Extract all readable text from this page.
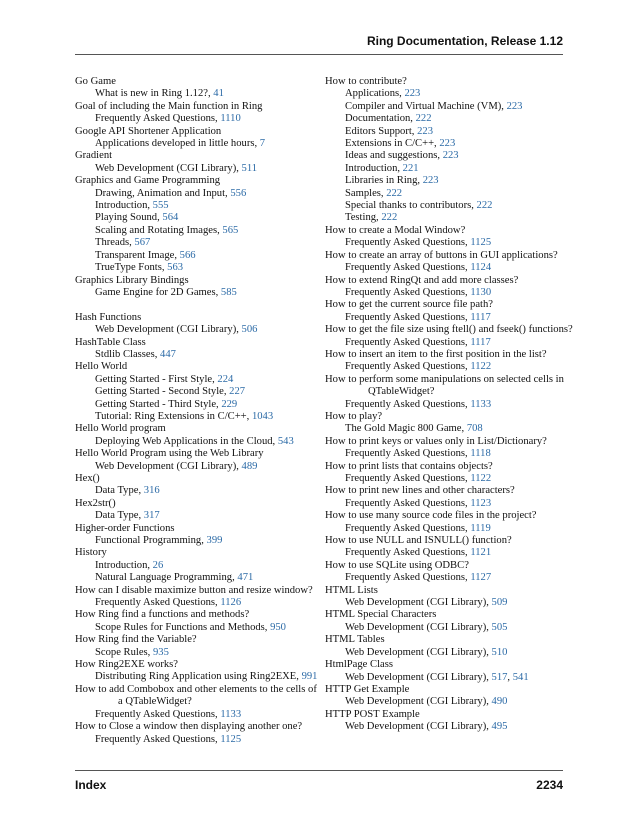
Ring Documentation, Release 1.12
Go Game
What is new in Ring 1.12?, 41
Goal of including the Main function in Ring
Frequently Asked Questions, 1110
Google API Shortener Application
Applications developed in little hours, 7
Gradient
Web Development (CGI Library), 511
Graphics and Game Programming
Drawing, Animation and Input, 556
Introduction, 555
Playing Sound, 564
Scaling and Rotating Images, 565
Threads, 567
Transparent Image, 566
TrueType Fonts, 563
Graphics Library Bindings
Game Engine for 2D Games, 585
Hash Functions
Web Development (CGI Library), 506
HashTable Class
Stdlib Classes, 447
Hello World
Getting Started - First Style, 224
Getting Started - Second Style, 227
Getting Started - Third Style, 229
Tutorial: Ring Extensions in C/C++, 1043
Hello World program
Deploying Web Applications in the Cloud, 543
Hello World Program using the Web Library
Web Development (CGI Library), 489
Hex()
Data Type, 316
Hex2str()
Data Type, 317
Higher-order Functions
Functional Programming, 399
History
Introduction, 26
Natural Language Programming, 471
How can I disable maximize button and resize window?
Frequently Asked Questions, 1126
How Ring find a functions and methods?
Scope Rules for Functions and Methods, 950
How Ring find the Variable?
Scope Rules, 935
How Ring2EXE works?
Distributing Ring Application using Ring2EXE, 991
How to add Combobox and other elements to the cells of
a QTableWidget?
Frequently Asked Questions, 1133
How to Close a window then displaying another one?
Frequently Asked Questions, 1125
How to contribute?
Applications, 223
Compiler and Virtual Machine (VM), 223
Documentation, 222
Editors Support, 223
Extensions in C/C++, 223
Ideas and suggestions, 223
Introduction, 221
Libraries in Ring, 223
Samples, 222
Special thanks to contributors, 222
Testing, 222
How to create a Modal Window?
Frequently Asked Questions, 1125
How to create an array of buttons in GUI applications?
Frequently Asked Questions, 1124
How to extend RingQt and add more classes?
Frequently Asked Questions, 1130
How to get the current source file path?
Frequently Asked Questions, 1117
How to get the file size using ftell() and fseek() functions?
Frequently Asked Questions, 1117
How to insert an item to the first position in the list?
Frequently Asked Questions, 1122
How to perform some manipulations on selected cells in
QTableWidget?
Frequently Asked Questions, 1133
How to play?
The Gold Magic 800 Game, 708
How to print keys or values only in List/Dictionary?
Frequently Asked Questions, 1118
How to print lists that contains objects?
Frequently Asked Questions, 1122
How to print new lines and other characters?
Frequently Asked Questions, 1123
How to use many source code files in the project?
Frequently Asked Questions, 1119
How to use NULL and ISNULL() function?
Frequently Asked Questions, 1121
How to use SQLite using ODBC?
Frequently Asked Questions, 1127
HTML Lists
Web Development (CGI Library), 509
HTML Special Characters
Web Development (CGI Library), 505
HTML Tables
Web Development (CGI Library), 510
HtmlPage Class
Web Development (CGI Library), 517, 541
HTTP Get Example
Web Development (CGI Library), 490
HTTP POST Example
Web Development (CGI Library), 495
Index	2234
